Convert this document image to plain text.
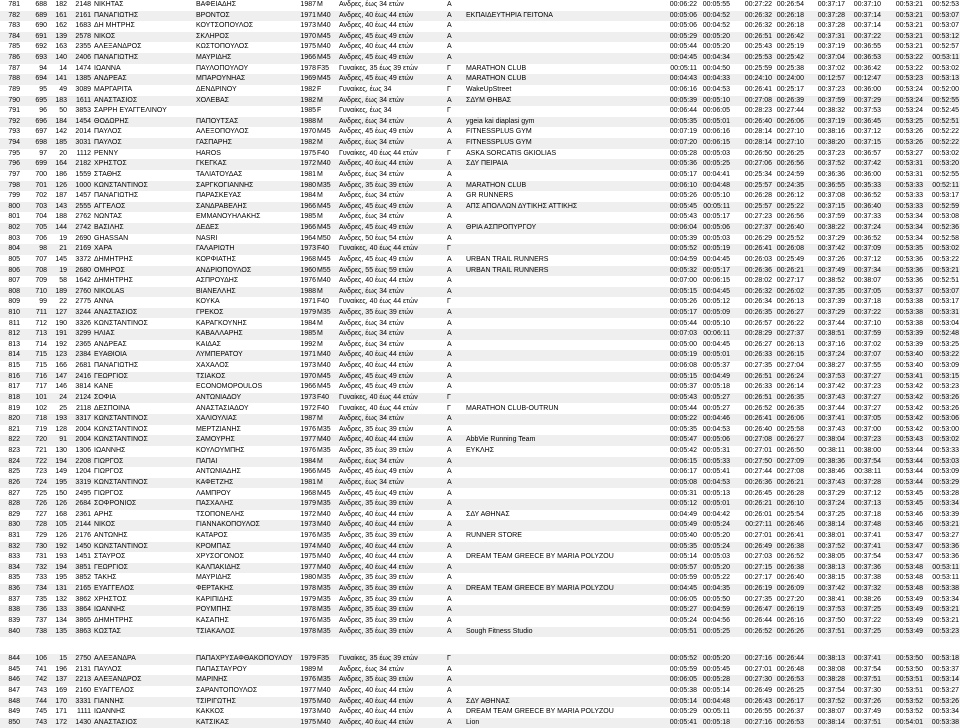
781	688	182	2148 ΝΙΚΗΤΑΣ	ΒΑΦΕΙΑΔΗΣ	1987 M	Ανδρες, έως 34 ετών	A	00:06:22 00:05:55	00:27:22 00:26:54	00:37:17	00:37:10	00:53:21	00:52:53
782	689	161	2161 ΠΑΝΑΓΙΩΤΗΣ	ΒΡΟΝΤΟΣ	1971 M40	Ανδρες, 40 έως 44 ετών	A	ΕΚΠΑΙΔΕΥΤΗΡΙΑ ΓΕΙΤΟΝΑ	00:05:06 00:04:52	00:26:32 00:26:18	00:37:28	00:37:14	00:53:21	00:53:07
783	690	162	1683 ΔΗ ΜΗΤΡΗΣ	ΚΟΥΤΣΟΠΟΥΛΟΣ	1973 M40	Ανδρες, 40 έως 44 ετών	A	00:05:06 00:04:52	00:26:32 00:26:18	00:37:28	00:37:14	00:53:21	00:53:07
784	691	139	2578 ΝΙΚΟΣ	ΣΚΛΗΡΟΣ	1970 M45	Ανδρες, 45 έως 49 ετών	A	00:05:29 00:05:20	00:26:51 00:26:42	00:37:31	00:37:22	00:53:21	00:53:12
785	692	163	2355 ΑΛΕΞΑΝΔΡΟΣ	ΚΩΣΤΟΠΟΥΛΟΣ	1975 M40	Ανδρες, 40 έως 44 ετών	A	00:05:44 00:05:20	00:25:43 00:25:19	00:37:19	00:36:55	00:53:21	00:52:57
786	693	140	2406 ΠΑΝΑΓΙΩΤΗΣ	ΜΑΥΡΙΔΗΣ	1966 M45	Ανδρες, 45 έως 49 ετών	A	00:04:45 00:04:34	00:25:53 00:25:42	00:37:04	00:36:53	00:53:22	00:53:11
787	94	14	1474 ΙΩΑΝΝΑ	ΠΑΥΛΟΠΟΥΛΟΥ	1978 F35	Γυναίκες, 35 έως 39 ετών	Γ	MARATHON CLUB	00:05:11 00:04:50	00:25:59 00:25:38	00:37:02	00:36:42	00:53:22	00:53:02
788	694	141	1385 ΑΝΔΡΕΑΣ	ΜΠΑΡΟΥΝΗΑΣ	1969 M45	Ανδρες, 45 έως 49 ετών	A	MARATHON CLUB	00:04:43 00:04:33	00:24:10 00:24:00	00:12:57	00:12:47	00:53:23	00:53:13
789	95	49	3089 ΜΑΡΓΑΡΙΤΑ	ΔΕΝΔΡΙΝΟΥ	1982 F	Γυναίκες, έως 34	Γ	WakeUpStreet	00:06:16 00:04:53	00:26:41 00:25:17	00:37:23	00:36:00	00:53:24	00:52:00
790	695	183	1611 ΑΝΑΣΤΑΣΙΟΣ	ΧΟΛΕΒΑΣ	1982 M	Ανδρες, έως 34 ετών	A	ΣΔΥΜ ΘΗΒΑΣ	00:05:39 00:05:10	00:27:08 00:26:39	00:37:59	00:37:29	00:53:24	00:52:55
791	96	50	3853 ΣΑΡΡΗ ΕΥΑΓΓΕΛΙΝΟΥ	1985 F	Γυναίκες, έως 34	Γ	00:06:44 00:06:05	00:28:23 00:27:44	00:38:32	00:37:53	00:53:24	00:52:45
792	696	184	1454 ΘΟΔΩΡΗΣ	ΠΑΠΟΥΤΣΑΣ	1988 M	Ανδρες, έως 34 ετών	A	ygeia kai diaplasi gym	00:05:35 00:05:01	00:26:40 00:26:06	00:37:19	00:36:45	00:53:25	00:52:51
793	697	142	2014 ΠΑΥΛΟΣ	ΑΛΕΞΟΠΟΥΛΟΣ	1970 M45	Ανδρες, 45 έως 49 ετών	A	FITNESSPLUS GYM	00:07:19 00:06:16	00:28:14 00:27:10	00:38:16	00:37:12	00:53:26	00:52:22
794	698	185	3031 ΠΑΥΛΟΣ	ΓΑΣΠΑΡΗΣ	1982 M	Ανδρες, έως 34 ετών	A	FITNESSPLUS GYM	00:07:20 00:06:15	00:28:14 00:27:10	00:38:20	00:37:15	00:53:26	00:52:22
795	97	20	1112 PENNY	HAROS	1975 F40	Γυναίκες, 40 έως 44 ετών	Γ	ASKA SORCATIS GKIOLIAS	00:05:28 00:05:03	00:26:50 00:26:25	00:37:23	00:36:57	00:53:27	00:53:02
796	699	164	2182 ΧΡΗΣΤΟΣ	ΓΚΕΓΚΑΣ	1972 M40	Ανδρες, 40 έως 44 ετών	A	ΣΔΥ ΠΕΙΡΑΙΑ	00:05:36 00:05:25	00:27:06 00:26:56	00:37:52	00:37:42	00:53:31	00:53:20
797	700	186	1559 ΣΤΑΘΗΣ	ΤΑΛΙΑΤΟΥΔΑΣ	1981 M	Ανδρες, έως 34 ετών	A	00:05:17 00:04:41	00:25:34 00:24:59	00:36:36	00:36:00	00:53:31	00:52:55
798	701	126	1000 ΚΩΝΣΤΑΝΤΙΝΟΣ	ΣΑΡΓΚΟΓΙΑΝΝΗΣ	1980 M35	Ανδρες, 35 έως 39 ετών	A	MARATHON CLUB	00:06:10 00:04:48	00:25:57 00:24:35	00:36:55	00:35:33	00:53:33	00:52:11
799	702	187	1457 ΠΑΝΑΓΙΩΤΗΣ	ΠΑΡΑΣΚΕΥΑΣ	1984 M	Ανδρες, έως 34 ετών	A	GR RUNNERS	00:05:26 00:05:10	00:26:28 00:26:12	00:37:08	00:36:52	00:53:33	00:53:17
800	703	143	2555 ΑΓΓΕΛΟΣ	ΣΑΝΔΡΑΒΕΛΗΣ	1966 M45	Ανδρες, 45 έως 49 ετών	A	ΑΠΣ ΑΠΟΛΛΩΝ ΔΥΤΙΚΗΣ ΑΤΤΙΚΗΣ	00:05:45 00:05:11	00:25:57 00:25:22	00:37:15	00:36:40	00:53:33	00:52:59
801	704	188	2762 ΝΩΝΤΑΣ	ΕΜΜΑΝΟΥΗΛΑΚΗΣ	1985 M	Ανδρες, έως 34 ετών	A	00:05:43 00:05:17	00:27:23 00:26:56	00:37:59	00:37:33	00:53:34	00:53:08
802	705	144	2742 ΒΑΣΙΛΗΣ	ΔΕΔΕΣ	1966 M45	Ανδρες, 45 έως 49 ετών	A	ΘΡΙΑ ΑΣΠΡΟΠΥΡΓΟΥ	00:06:04 00:05:06	00:27:37 00:26:40	00:38:22	00:37:24	00:53:34	00:52:36
803	706	19	2690 GHASSAN	NASRI	1964 M50	Ανδρες, 50 έως 54 ετών	A	00:05:39 00:05:03	00:26:29 00:25:52	00:37:29	00:36:52	00:53:34	00:52:58
804	98	21	2169 ΧΑΡΑ	ΓΑΛΑΡΙΩΤΗ	1973 F40	Γυναίκες, 40 έως 44 ετών	Γ	00:05:52 00:05:19	00:26:41 00:26:08	00:37:42	00:37:09	00:53:35	00:53:02
805	707	145	3372 ΔΗΜΗΤΡΗΣ	ΚΟΡΦΙΑΤΗΣ	1968 M45	Ανδρες, 45 έως 49 ετών	A	URBAN TRAIL RUNNERS	00:04:59 00:04:45	00:26:03 00:25:49	00:37:26	00:37:12	00:53:36	00:53:22
806	708	19	2680 ΟΜΗΡΟΣ	ΑΝΔΡΙΟΠΟΥΛΟΣ	1960 M55	Ανδρες, 55 έως 59 ετών	A	URBAN TRAIL RUNNERS	00:05:32 00:05:17	00:26:36 00:26:21	00:37:49	00:37:34	00:53:36	00:53:21
807	709	58	1642 ΔΗΜΗΤΡΗΣ	ΑΣΠΡΟΥΔΗΣ	1976 M40	Ανδρες, 40 έως 44 ετών	A	00:07:00 00:06:15	00:28:02 00:27:17	00:38:52	00:38:07	00:53:36	00:52:51
808	710	189	2760 NIKOLAS	ΒΙΑΝΕΛΛΗΣ	1988 M	Ανδρες, έως 34 ετών	A	00:05:15 00:04:45	00:26:32 00:26:02	00:37:35	00:37:05	00:53:37	00:53:07
809	99	22	2775 ΑΝΝΑ	ΚΟΥΚΑ	1971 F40	Γυναίκες, 40 έως 44 ετών	Γ	00:05:26 00:05:12	00:26:34 00:26:13	00:37:39	00:37:18	00:53:38	00:53:17
810	711	127	3244 ΑΝΑΣΤΑΣΙΟΣ	ΓΡΕΚΟΣ	1979 M35	Ανδρες, 35 έως 39 ετών	A	00:05:17 00:05:09	00:26:35 00:26:27	00:37:29	00:37:22	00:53:38	00:53:31
811	712	190	3326 ΚΩΝΣΤΑΝΤΙΝΟΣ	ΚΑΡΑΓΚΟΥΝΗΣ	1984 M	Ανδρες, έως 34 ετών	A	00:05:44 00:05:10	00:26:57 00:26:22	00:37:44	00:37:10	00:53:38	00:53:04
812	713	191	3299 ΗΛΙΑΣ	ΚΑΒΑΛΛΑΡΗΣ	1985 M	Ανδρες, έως 34 ετών	A	00:07:03 00:06:11	00:28:29 00:27:37	00:38:51	00:37:59	00:53:39	00:52:48
813	714	192	2365 ΑΝΔΡΕΑΣ	ΚΑΙΔΑΣ	1992 M	Ανδρες, έως 34 ετών	A	00:05:00 00:04:45	00:26:27 00:26:13	00:37:16	00:37:02	00:53:39	00:53:25
814	715	123	2384 ΕΥΑΘΙΟΙΑ	ΛΥΜΠΕΡΑΤΟΥ	1971 M40	Ανδρες, 40 έως 44 ετών	A	00:05:19 00:05:01	00:26:33 00:26:15	00:37:24	00:37:07	00:53:40	00:53:22
815	715	166	2681 ΠΑΝΑΓΙΩΤΗΣ	ΧΑΧΑΛΟΣ	1973 M40	Ανδρες, 40 έως 44 ετών	A	00:06:08 00:05:37	00:27:35 00:27:04	00:38:27	00:37:55	00:53:40	00:53:09
816	716	147	2416 ΓΕΩΡΓΙΟΣ	ΤΣΙΑΚΟΣ	1970 M45	Ανδρες, 45 έως 49 ετών	A	00:05:15 00:04:49	00:26:51 00:26:24	00:37:53	00:37:27	00:53:41	00:53:15
817	717	146	3814 KANE	ECONOMOPOULOS	1966 M45	Ανδρες, 45 έως 49 ετών	A	00:05:37 00:05:18	00:26:33 00:26:14	00:37:42	00:37:23	00:53:42	00:53:23
818	101	24	2124 ΣΟΦΙΑ	ΑΝΤΩΝΙΑΔΟΥ	1973 F40	Γυναίκες, 40 έως 44 ετών	Γ	00:05:43 00:05:27	00:26:51 00:26:35	00:37:43	00:37:27	00:53:42	00:53:26
819	102	25	2118 ΔΕΣΠΟΙΝΑ	ΑΝΑΣΤΑΣΙΑΔΟΥ	1972 F40	Γυναίκες, 40 έως 44 ετών	Γ	MARATHON CLUB-OUTRUN	00:05:44 00:05:27	00:26:52 00:26:35	00:37:44	00:37:27	00:53:42	00:53:26
820	718	193	3317 ΚΩΝΣΤΑΝΤΙΝΟΣ	ΧΑΛΙΟΥΛΙΑΣ	1987 M	Ανδρες, έως 34 ετών	A	00:05:22 00:04:46	00:26:41 00:26:06	00:37:41	00:37:05	00:53:42	00:53:06
821	719	128	2004 ΚΩΝΣΤΑΝΤΙΝΟΣ	ΜΕΡΤΖΙΑΝΗΣ	1976 M35	Ανδρες, 35 έως 39 ετών	A	00:05:35 00:04:53	00:26:40 00:25:58	00:37:43	00:37:00	00:53:42	00:53:00
822	720	91	2004 ΚΩΝΣΤΑΝΤΙΝΟΣ	ΣΑΜΟΥΡΗΣ	1977 M40	Ανδρες, 40 έως 44 ετών	A	AbbVie Running Team	00:05:47 00:05:06	00:27:08 00:26:27	00:38:04	00:37:23	00:53:43	00:53:02
823	721	130	1306 ΙΩΑΝΝΗΣ	ΚΟΥΛΟΥΜΠΗΣ	1976 M35	Ανδρες, 35 έως 39 ετών	A	ΕΥΚΛΗΣ	00:05:42 00:05:31	00:27:01 00:26:50	00:38:11	00:38:00	00:53:44	00:53:33
824	722	194	2208 ΓΙΩΡΓΟΣ	ΠΑΠΑΙ	1984 M	Ανδρες, έως 34 ετών	A	00:06:15 00:05:33	00:27:50 00:27:09	00:38:36	00:37:54	00:53:44	00:53:03
825	723	149	1204 ΓΙΩΡΓΟΣ	ΑΝΤΩΝΙΑΔΗΣ	1966 M45	Ανδρες, 45 έως 49 ετών	A	00:06:17 00:05:41	00:27:44 00:27:08	00:38:46	00:38:11	00:53:44	00:53:09
826	724	195	3319 ΚΩΝΣΤΑΝΤΙΝΟΣ	ΚΑΦΕΤΖΗΣ	1981 M	Ανδρες, έως 34 ετών	A	00:05:08 00:04:53	00:26:36 00:26:21	00:37:43	00:37:28	00:53:44	00:53:29
827	725	150	2495 ΓΙΩΡΓΟΣ	ΛΑΜΠΡΟΥ	1968 M45	Ανδρες, 45 έως 49 ετών	A	00:05:31 00:05:13	00:26:45 00:26:28	00:37:29	00:37:12	00:53:45	00:53:28
828	726	126	2684 ΣΟΦΡΟΝΙΟΣ	ΠΑΣΧΑΛΗΣ	1979 M35	Ανδρες, 35 έως 39 ετών	A	00:05:12 00:05:01	00:26:21 00:26:10	00:37:24	00:37:13	00:53:45	00:53:34
829	727	168	2361 ΑΡΗΣ	ΤΣΟΠΟΝΕΛΗΣ	1972 M40	Ανδρες, 40 έως 44 ετών	A	ΣΔΥ ΑΘΗΝΑΣ	00:04:49 00:04:42	00:26:01 00:25:54	00:37:25	00:37:18	00:53:46	00:53:39
830	728	105	2144 ΝΙΚΟΣ	ΓΙΑΝΝΑΚΟΠΟΥΛΟΣ	1973 M40	Ανδρες, 40 έως 44 ετών	A	00:05:49 00:05:24	00:27:11 00:26:46	00:38:14	00:37:48	00:53:46	00:53:21
831	729	126	2176 ΑΝΤΩΝΗΣ	ΚΑΤΑΡΟΣ	1976 M35	Ανδρες, 35 έως 39 ετών	A	RUNNER STORE	00:05:40 00:05:20	00:27:01 00:26:41	00:38:01	00:37:41	00:53:47	00:53:27
832	730	192	1450 ΚΩΝΣΤΑΝΤΙΝΟΣ	ΚΡΟΜΠΑΣ	1974 M40	Ανδρες, 40 έως 44 ετών	A	00:05:35 00:05:24	00:26:49 00:26:38	00:37:52	00:37:41	00:53:47	00:53:36
833	731	193	1451 ΣΤΑΥΡΟΣ	ΧΡΥΣΟΓΟΝΟΣ	1975 M40	Ανδρες, 40 έως 44 ετών	A	DREAM TEAM GREECE BY MARIA POLYZOU	00:05:14 00:05:03	00:27:03 00:26:52	00:38:05	00:37:54	00:53:47	00:53:36
834	732	194	3851 ΓΕΩΡΓΙΟΣ	ΚΑΛΠΑΚΙΔΗΣ	1977 M40	Ανδρες, 40 έως 44 ετών	A	00:05:57 00:05:20	00:27:15 00:26:38	00:38:13	00:37:36	00:53:48	00:53:11
835	733	195	3852 ΤΑΚΗΣ	ΜΑΥΡΙΔΗΣ	1980 M35	Ανδρες, 35 έως 39 ετών	A	00:05:59 00:05:22	00:27:17 00:26:40	00:38:15	00:37:38	00:53:48	00:53:11
836	734	131	2165 ΕΥΑΓΓΕΛΟΣ	ΦΕΡΤΑΚΗΣ	1978 M35	Ανδρες, 35 έως 39 ετών	A	DREAM TEAM GREECE BY MARIA POLYZOU	00:04:45 00:04:35	00:26:19 00:26:09	00:37:42	00:37:32	00:53:48	00:53:38
837	735	132	3862 ΧΡΗΣΤΟΣ	ΚΑΡΙΠΙΔΗΣ	1979 M35	Ανδρες, 35 έως 39 ετών	A	00:06:05 00:05:50	00:27:35 00:27:20	00:38:41	00:38:26	00:53:49	00:53:34
838	736	133	3864 ΙΩΑΝΝΗΣ	ΡΟΥΜΠΗΣ	1978 M35	Ανδρες, 35 έως 39 ετών	A	00:05:27 00:04:59	00:26:47 00:26:19	00:37:53	00:37:25	00:53:49	00:53:21
839	737	134	3865 ΔΗΜΗΤΡΗΣ	ΚΑΣΑΠΗΣ	1976 M35	Ανδρες, 35 έως 39 ετών	A	00:05:24 00:04:56	00:26:44 00:26:16	00:37:50	00:37:22	00:53:49	00:53:21
840	738	135	3863 ΚΩΣΤΑΣ	ΤΣΙΑΚΑΛΟΣ	1978 M35	Ανδρες, 35 έως 39 ετών	A	Sough Fitness Studio	00:05:51 00:05:25	00:26:52 00:26:26	00:37:51	00:37:25	00:53:49	00:53:23
844	106	15	2750 ΑΛΕΞΑΝΔΡΑ	ΠΑΠΑΧΡΥΣΑΦΘΑΚΟΠΟΥΛΟΥ	1979 F35	Γυναίκες, 35 έως 39 ετών	Γ	00:05:52 00:05:20	00:27:16 00:26:44	00:38:13	00:37:41	00:53:50	00:53:18
845	741	196	2131 ΠΑΥΛΟΣ	ΠΑΠΑΣΤΑΥΡΟΥ	1989 M	Ανδρες, έως 34 ετών	A	00:05:59 00:05:45	00:27:01 00:26:48	00:38:08	00:37:54	00:53:50	00:53:37
846	742	137	2213 ΑΛΕΞΑΝΔΡΟΣ	ΜΑΡΙΝΗΣ	1976 M35	Ανδρες, 35 έως 39 ετών	A	00:06:05 00:05:28	00:27:30 00:26:53	00:38:28	00:37:51	00:53:51	00:53:14
847	743	169	2160 ΕΥΑΓΓΕΛΟΣ	ΣΑΡΑΝΤΟΠΟΥΛΟΣ	1977 M40	Ανδρες, 40 έως 44 ετών	A	00:05:38 00:05:14	00:26:49 00:26:25	00:37:54	00:37:30	00:53:51	00:53:27
848	744	170	3331 ΓΙΑΝΝΗΣ	ΤΣΙΡΙΓΩΤΗΣ	1975 M40	Ανδρες, 40 έως 44 ετών	A	ΣΔΥ ΑΘΗΝΑΣ	00:05:14 00:04:48	00:26:43 00:26:17	00:37:52	00:37:26	00:53:52	00:53:26
849	745	171	1111 ΙΩΑΝΝΗΣ	ΚΑΚΚΟΣ	1973 M40	Ανδρες, 40 έως 44 ετών	A	DREAM TEAM GREECE BY MARIA POLYZOU	00:05:29 00:05:11	00:26:55 00:26:37	00:38:07	00:37:49	00:53:52	00:53:34
850	743	172	1430 ΑΝΑΣΤΑΣΙΟΣ	ΚΑΤΣΙΚΑΣ	1975 M40	Ανδρες, 40 έως 44 ετών	A	Lion	00:05:41 00:05:18	00:27:16 00:26:53	00:38:14	00:37:51	00:54:01	00:53:38
